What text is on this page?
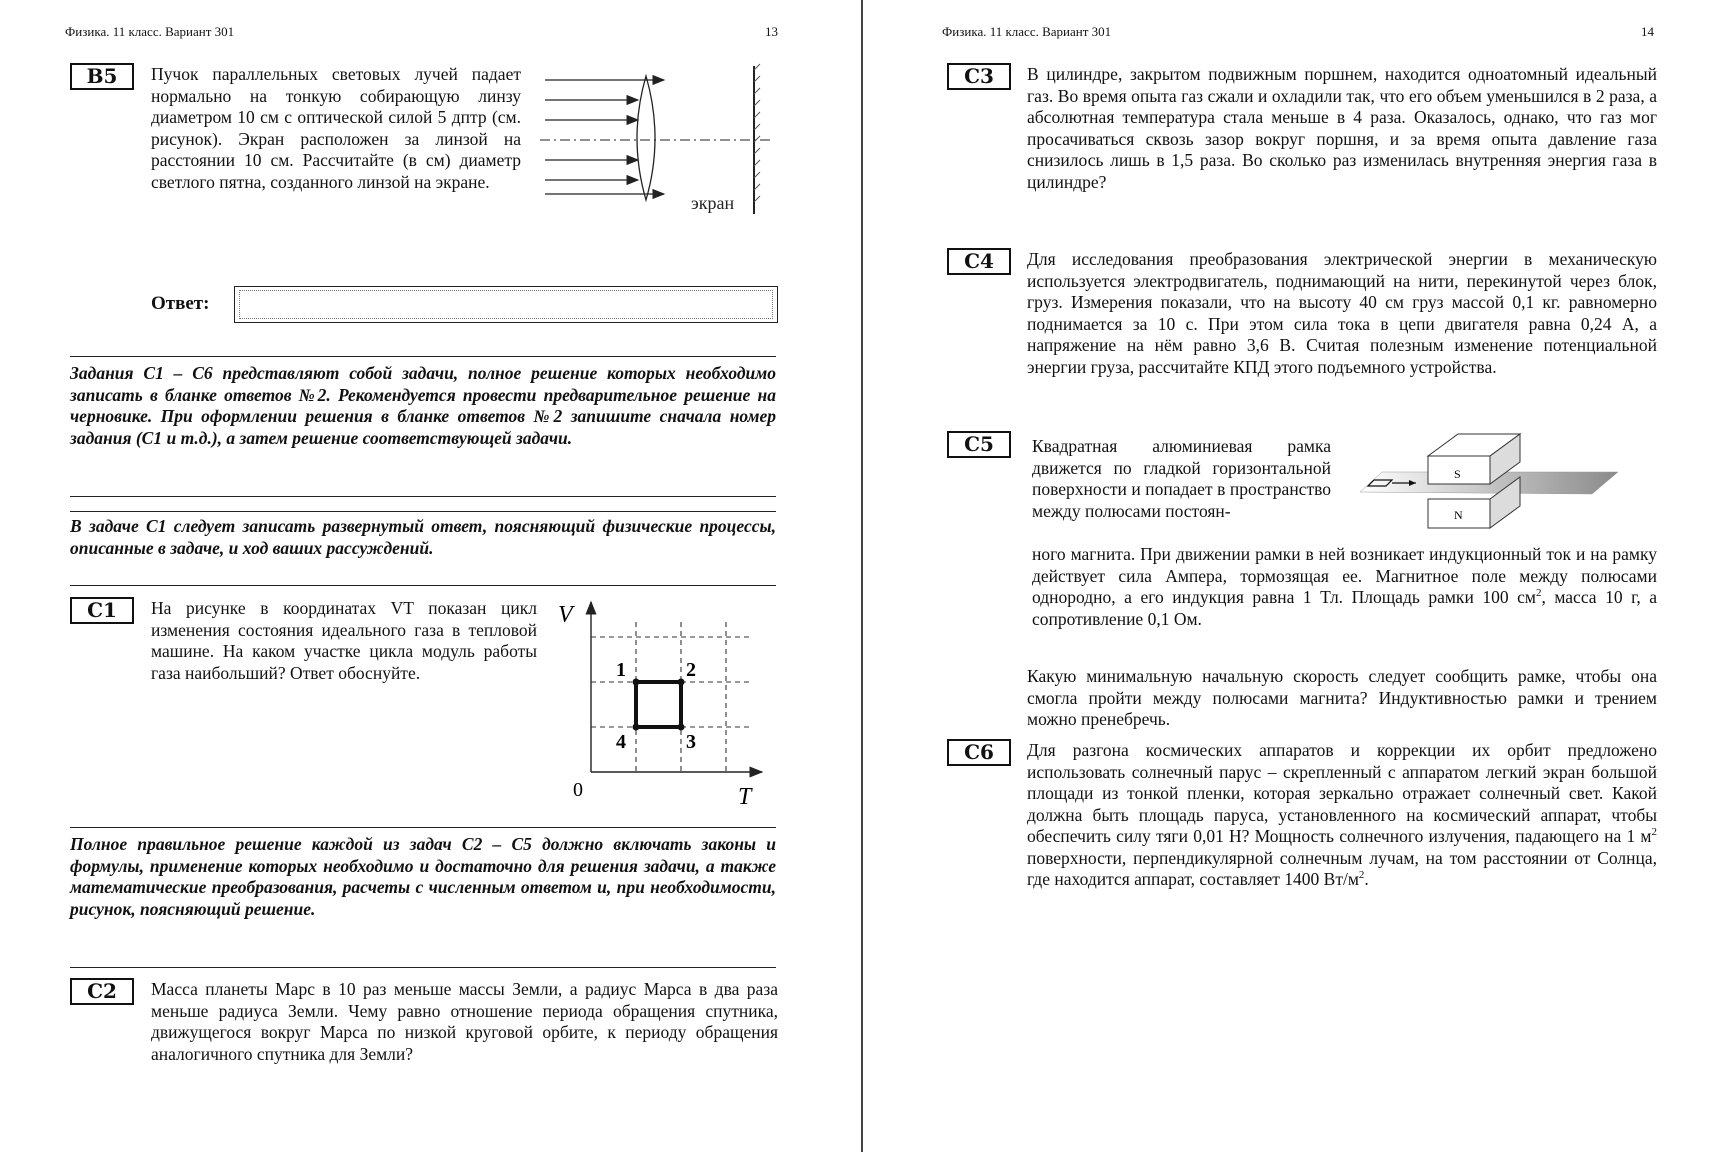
Физика. 11 класс. Вариант 301	13
B5	Пучок параллельных световых лучей падает нормально на тонкую собирающую линзу диаметром 10 см с оптической силой 5 дптр (см. рисунок). Экран расположен за линзой на расстоянии 10 см. Рассчитайте (в см) диаметр светлого пятна, созданного линзой на экране.
экран
Ответ:
Задания С1 – С6 представляют собой задачи, полное решение которых необходимо записать в бланке ответов №2. Рекомендуется провести предварительное решение на черновике. При оформлении решения в бланке ответов №2 запишите сначала номер задания (С1 и т.д.), а затем решение соответствующей задачи.
В задаче С1 следует записать развернутый ответ, поясняющий физические процессы, описанные в задаче, и ход ваших рассуждений.
C1	На рисунке в координатах VT показан цикл изменения состояния идеального газа в тепловой машине. На каком участке цикла модуль работы газа наибольший? Ответ обоснуйте.
V
T
0
1	2
3
4
Полное правильное решение каждой из задач С2 – С5 должно включать законы и формулы, применение которых необходимо и достаточно для решения задачи, а также математические преобразования, расчеты с численным ответом и, при необходимости, рисунок, поясняющий решение.
C2	Масса планеты Марс в 10 раз меньше массы Земли, а радиус Марса в два раза меньше радиуса Земли. Чему равно отношение периода обращения спутника, движущегося вокруг Марса по низкой круговой орбите, к периоду обращения аналогичного спутника для Земли?
Физика. 11 класс. Вариант 301	14
C3	В цилиндре, закрытом подвижным поршнем, находится одноатомный идеальный газ. Во время опыта газ сжали и охладили так, что его объем уменьшился в 2 раза, а абсолютная температура стала меньше в 4 раза. Оказалось, однако, что газ мог просачиваться сквозь зазор вокруг поршня, и за время опыта давление газа снизилось лишь в 1,5 раза. Во сколько раз изменилась внутренняя энергия газа в цилиндре?
C4	Для исследования преобразования электрической энергии в механическую используется электродвигатель, поднимающий на нити, перекинутой через блок, груз. Измерения показали, что на высоту 40 см груз массой 0,1 кг. равномерно поднимается за 10 с. При этом сила тока в цепи двигателя равна 0,24 А, а напряжение на нём равно 3,6 В. Считая полезным изменение потенциальной энергии груза, рассчитайте КПД этого подъемного устройства.
C5	Квадратная алюминиевая рамка движется по гладкой горизонтальной поверхности и попадает в пространство между полюсами постоян-
S
N
ного магнита. При движении рамки в ней возникает индукционный ток и на рамку действует сила Ампера, тормозящая ее. Магнитное поле между полюсами однородно, а его индукция равна 1 Тл. Площадь рамки 100 $см^2$, масса 10 г, а сопротивление 0,1 Ом.
Какую минимальную начальную скорость следует сообщить рамке, чтобы она смогла пройти между полюсами магнита? Индуктивностью рамки и трением можно пренебречь.
C6	Для разгона космических аппаратов и коррекции их орбит предложено использовать солнечный парус – скрепленный с аппаратом легкий экран большой площади из тонкой пленки, которая зеркально отражает солнечный свет. Какой должна быть площадь паруса, установленного на космический аппарат, чтобы обеспечить силу тяги 0,01 Н? Мощность солнечного излучения, падающего на 1 $м^2$ поверхности, перпендикулярной солнечным лучам, на том расстоянии от Солнца, где находится аппарат, составляет 1400 $Вт/м^2$.
